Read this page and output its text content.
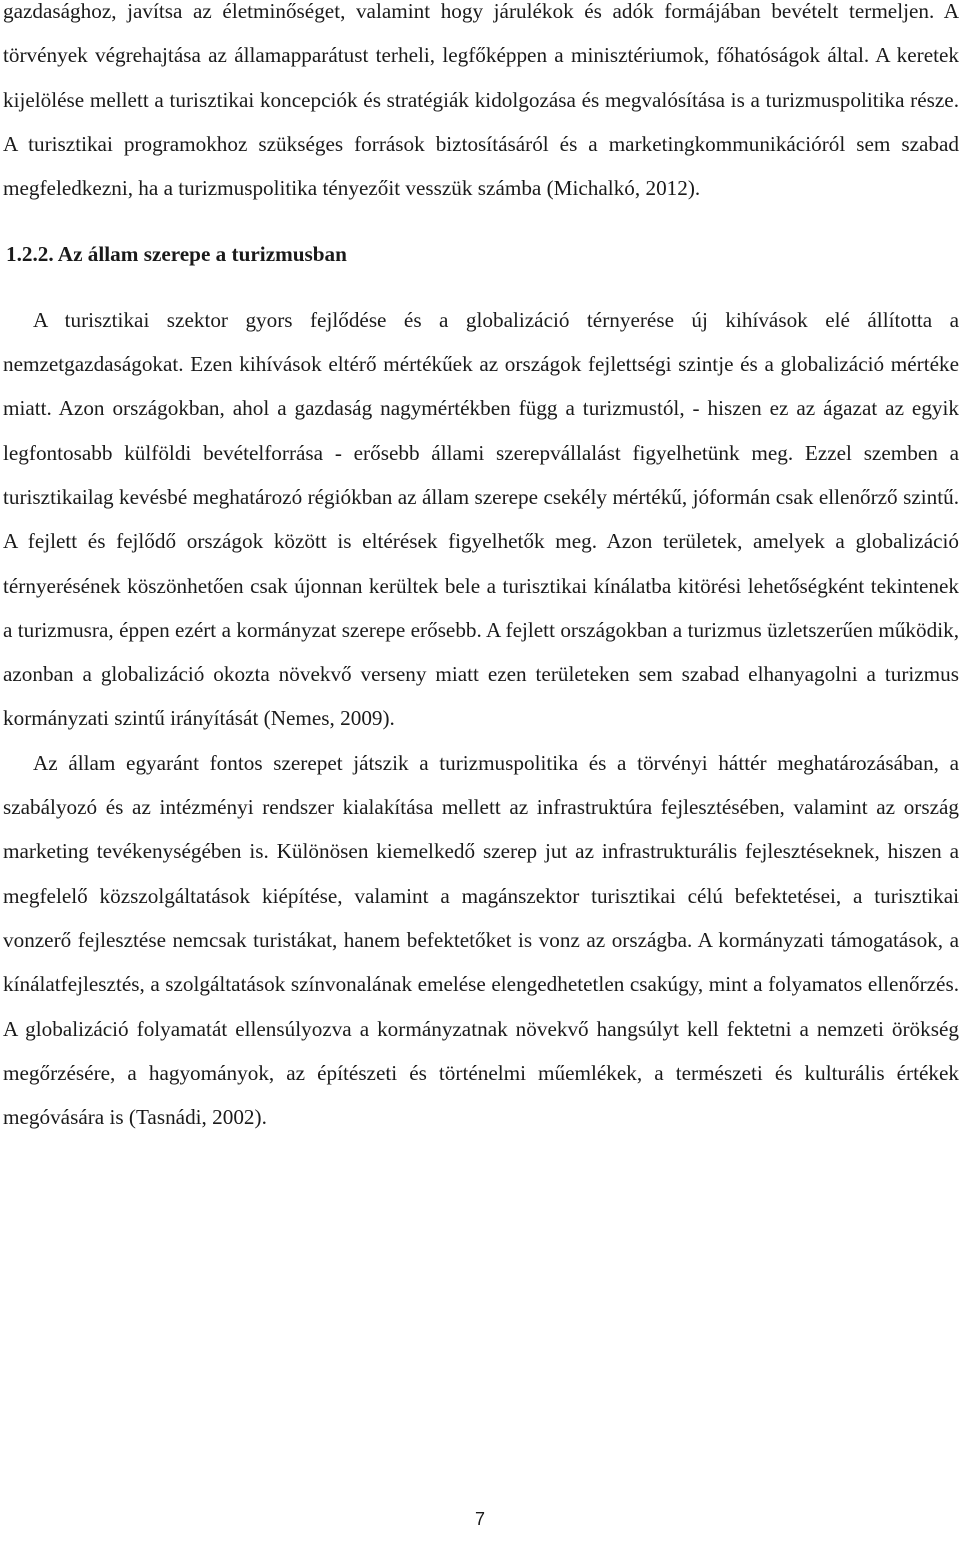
gazdasághoz, javítsa az életminőséget, valamint hogy járulékok és adók formájában bevételt termeljen. A törvények végrehajtása az államapparátust terheli, legfőképpen a minisztériumok, főhatóságok által. A keretek kijelölése mellett a turisztikai koncepciók és stratégiák kidolgozása és megvalósítása is a turizmuspolitika része. A turisztikai programokhoz szükséges források biztosításáról és a marketingkommunikációról sem szabad megfeledkezni, ha a turizmuspolitika tényezőit vesszük számba (Michalkó, 2012).

1.2.2. Az állam szerepe a turizmusban

A turisztikai szektor gyors fejlődése és a globalizáció térnyerése új kihívások elé állította a nemzetgazdaságokat. Ezen kihívások eltérő mértékűek az országok fejlettségi szintje és a globalizáció mértéke miatt. Azon országokban, ahol a gazdaság nagymértékben függ a turizmustól, - hiszen ez az ágazat az egyik legfontosabb külföldi bevételforrása - erősebb állami szerepvállalást figyelhetünk meg. Ezzel szemben a turisztikailag kevésbé meghatározó régiókban az állam szerepe csekély mértékű, jóformán csak ellenőrző szintű. A fejlett és fejlődő országok között is eltérések figyelhetők meg. Azon területek, amelyek a globalizáció térnyerésének köszönhetően csak újonnan kerültek bele a turisztikai kínálatba kitörési lehetőségként tekintenek a turizmusra, éppen ezért a kormányzat szerepe erősebb. A fejlett országokban a turizmus üzletszerűen működik, azonban a globalizáció okozta növekvő verseny miatt ezen területeken sem szabad elhanyagolni a turizmus kormányzati szintű irányítását (Nemes, 2009).

Az állam egyaránt fontos szerepet játszik a turizmuspolitika és a törvényi háttér meghatározásában, a szabályozó és az intézményi rendszer kialakítása mellett az infrastruktúra fejlesztésében, valamint az ország marketing tevékenységében is. Különösen kiemelkedő szerep jut az infrastrukturális fejlesztéseknek, hiszen a megfelelő közszolgáltatások kiépítése, valamint a magánszektor turisztikai célú befektetései, a turisztikai vonzerő fejlesztése nemcsak turistákat, hanem befektetőket is vonz az országba. A kormányzati támogatások, a kínálatfejlesztés, a szolgáltatások színvonalának emelése elengedhetetlen csakúgy, mint a folyamatos ellenőrzés. A globalizáció folyamatát ellensúlyozva a kormányzatnak növekvő hangsúlyt kell fektetni a nemzeti örökség megőrzésére, a hagyományok, az építészeti és történelmi műemlékek, a természeti és kulturális értékek megóvására is (Tasnádi, 2002).

7
